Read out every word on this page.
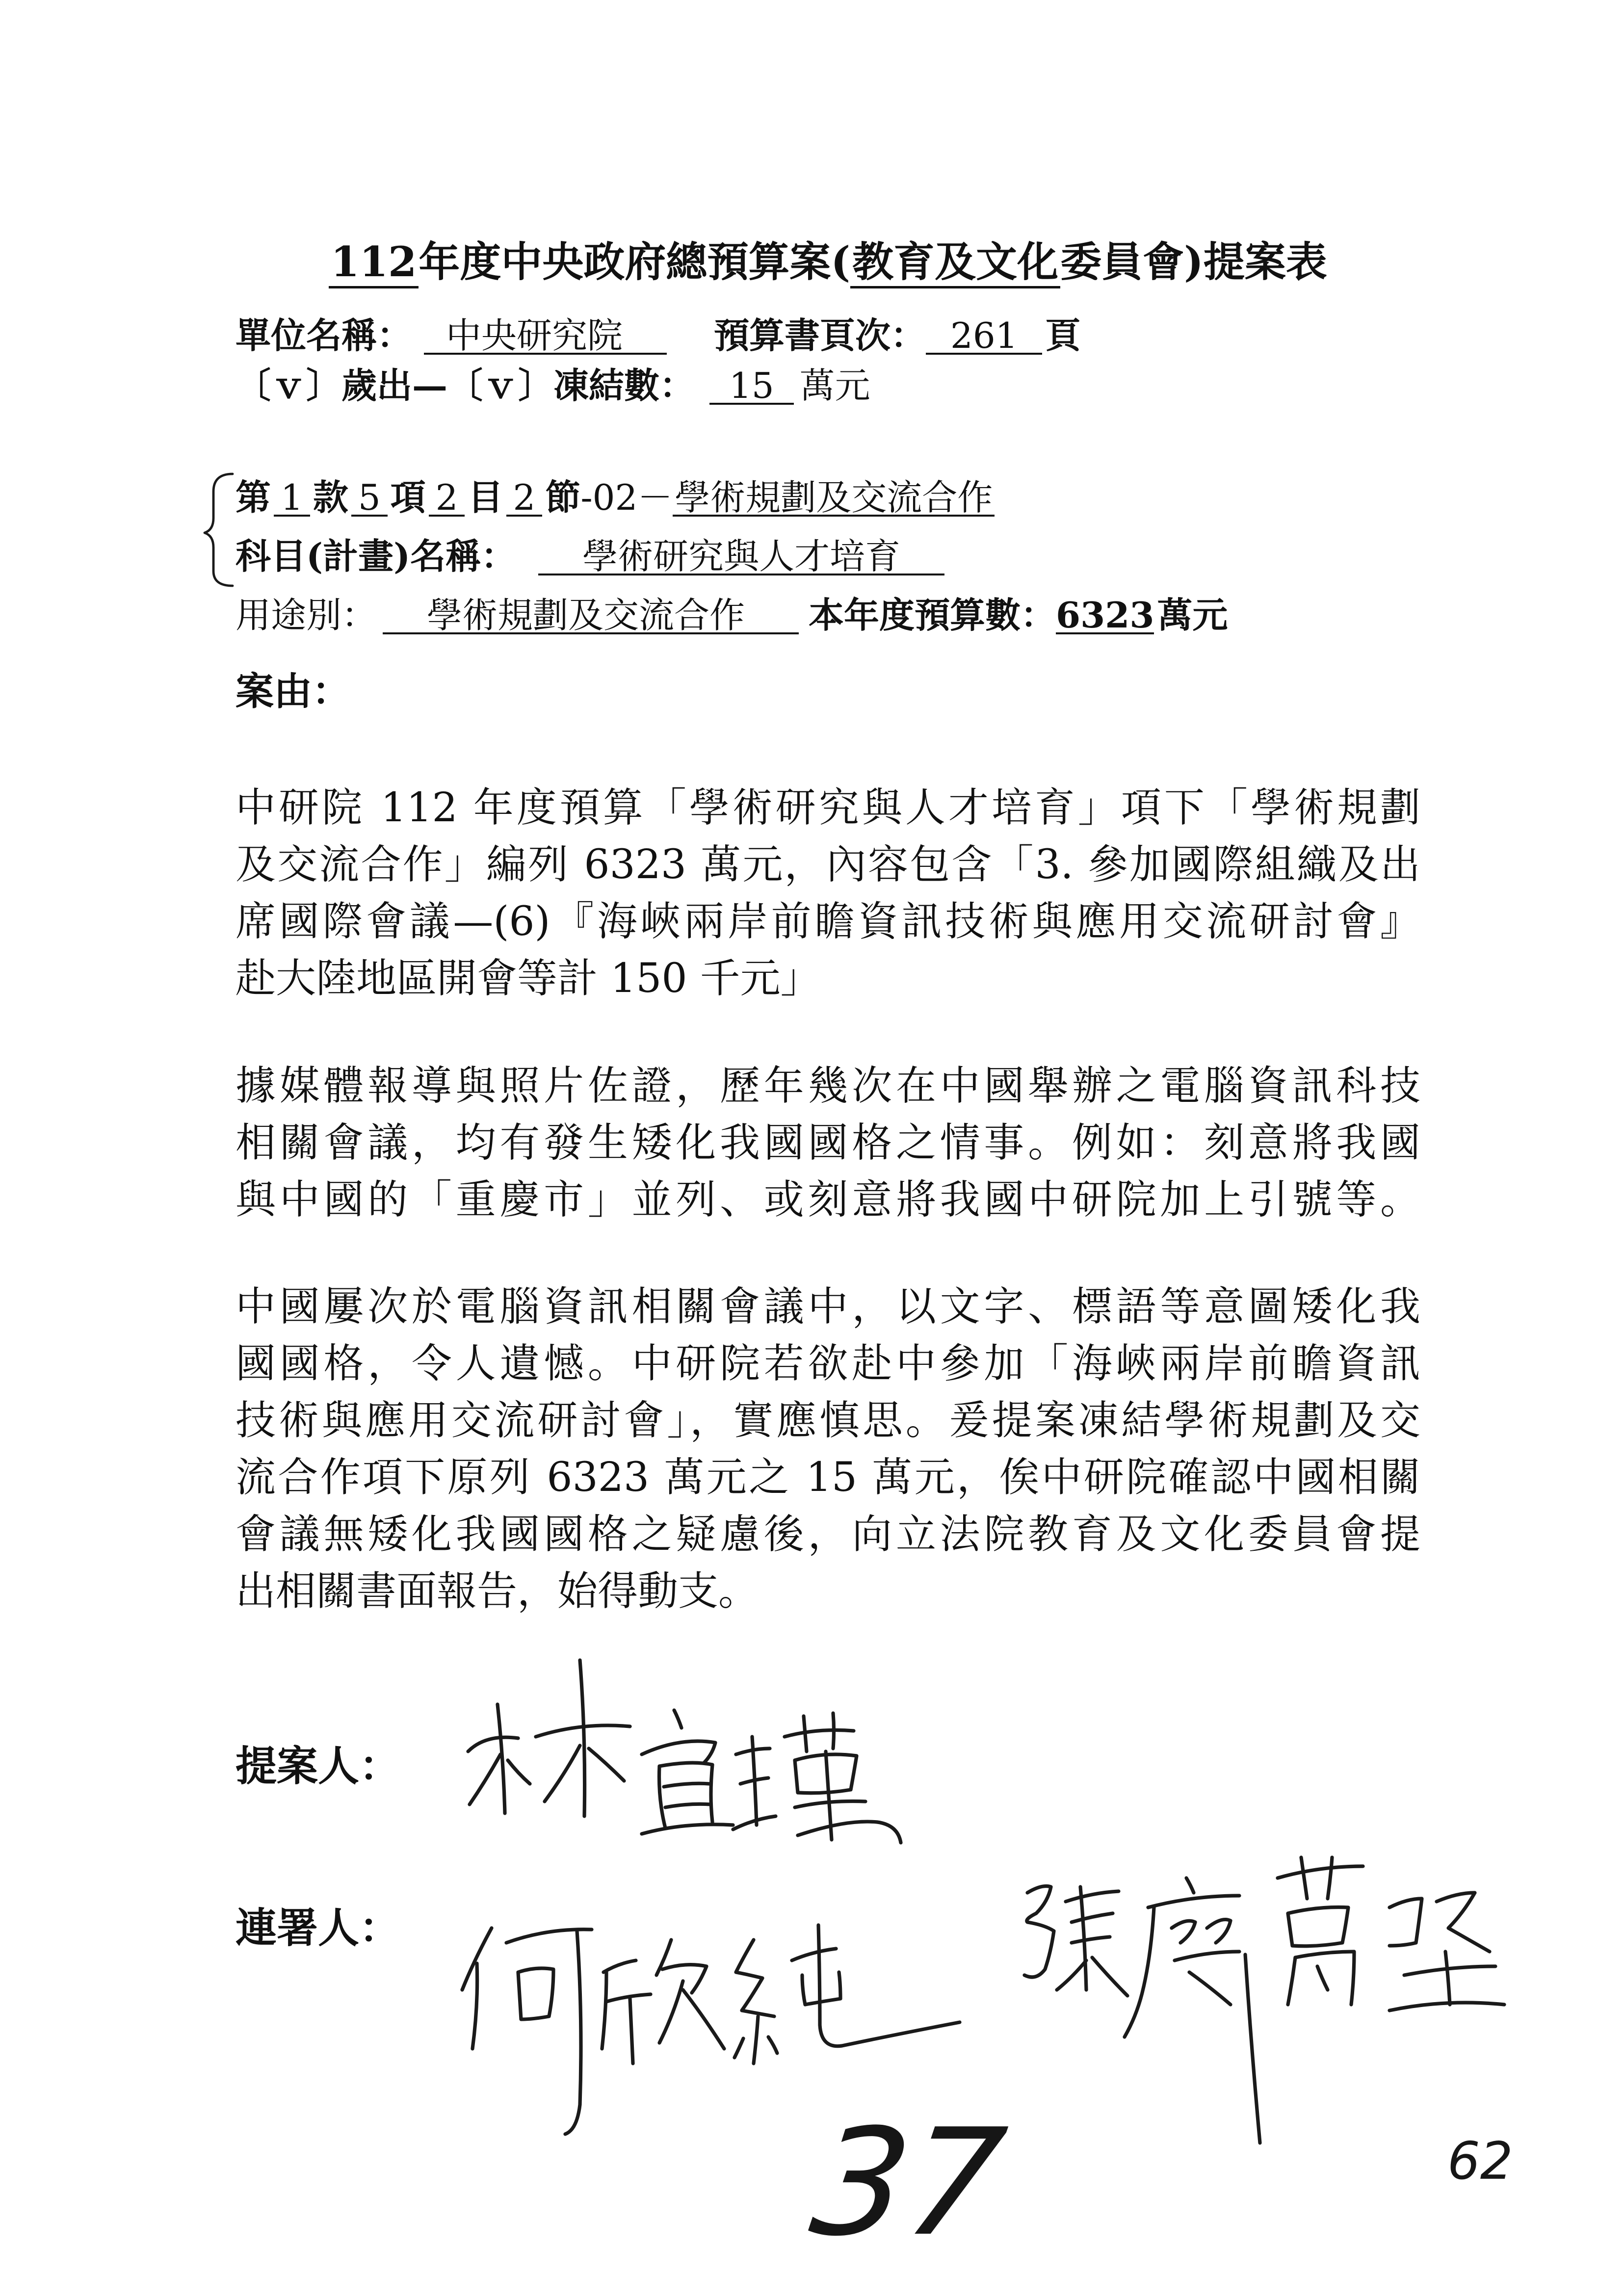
112年度中央政府總預算案(教育及文化委員會)提案表
單位名稱： 中央研究院	預算書頁次： 261 頁
〔ｖ〕歲出—〔ｖ〕凍結數： 15 萬元
第 1 款 5 項 2 目 2 節-02－學術規劃及交流合作
科目(計畫)名稱： 學術研究與人才培育
用途別： 學術規劃及交流合作 本年度預算數：6323萬元
案由：
中研院 112 年度預算「學術研究與人才培育」項下「學術規劃
及交流合作」編列 6323 萬元，內容包含「3. 參加國際組織及出
席國際會議—(6)『海峽兩岸前瞻資訊技術與應用交流研討會』
赴大陸地區開會等計 150 千元」
據媒體報導與照片佐證，歷年幾次在中國舉辦之電腦資訊科技
相關會議，均有發生矮化我國國格之情事。例如：刻意將我國
與中國的「重慶市」並列、或刻意將我國中研院加上引號等。
中國屢次於電腦資訊相關會議中，以文字、標語等意圖矮化我
國國格，令人遺憾。中研院若欲赴中參加「海峽兩岸前瞻資訊
技術與應用交流研討會」，實應慎思。爰提案凍結學術規劃及交
流合作項下原列 6323 萬元之 15 萬元，俟中研院確認中國相關
會議無矮化我國國格之疑慮後，向立法院教育及文化委員會提
出相關書面報告，始得動支。
提案人：
連署人：
37	62
